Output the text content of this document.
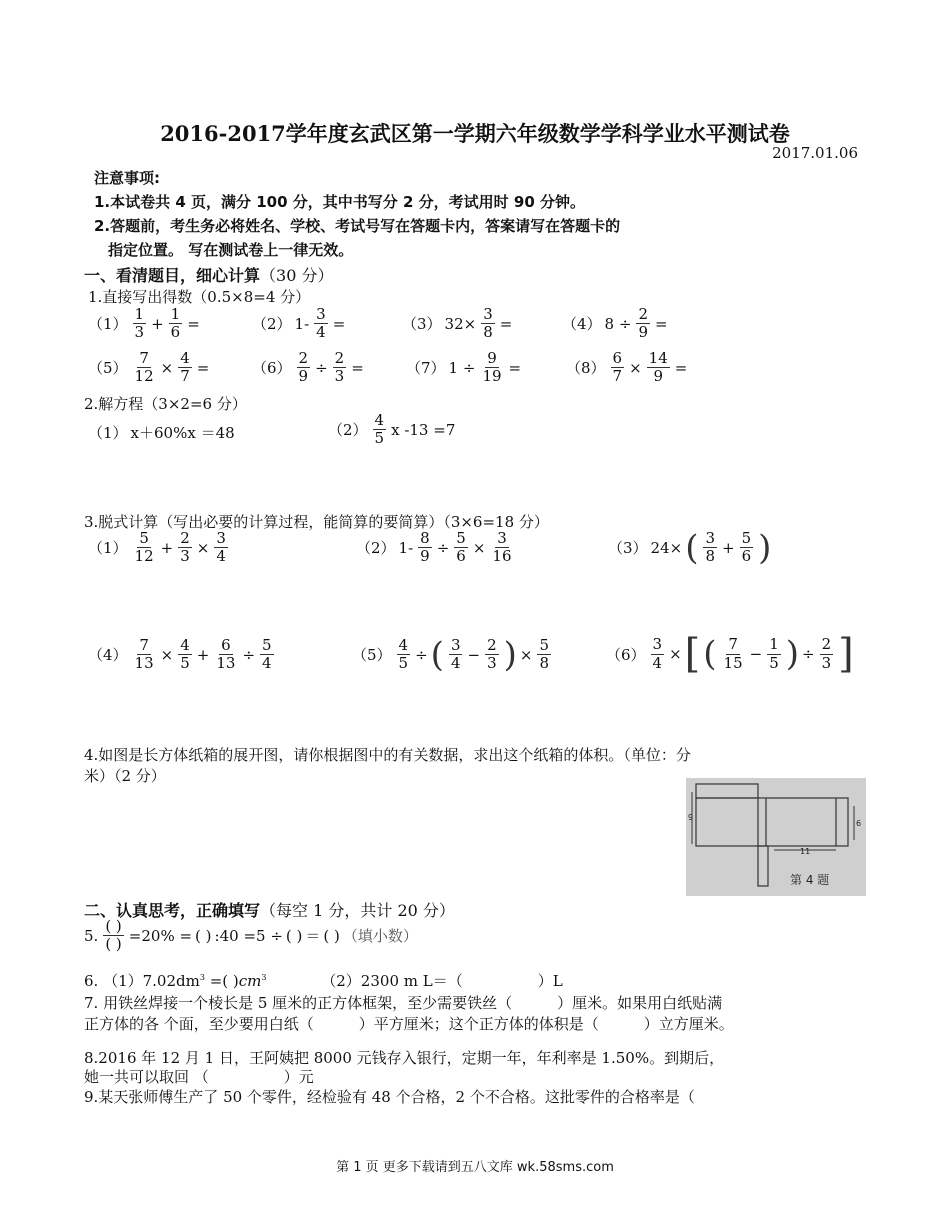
2016-2017学年度玄武区第一学期六年级数学学科学业水平测试卷
2017.01.06
注意事项:
1.本试卷共 4 页，满分 100 分，其中书写分 2 分，考试用时 90 分钟。
2.答题前，考生务必将姓名、学校、考试号写在答题卡内，答案请写在答题卡的
指定位置。 写在测试卷上一律无效。
一、看清题目，细心计算（30 分）
1.直接写出得数（0.5×8=4 分）
$(1) \frac{1}{3} + \frac{1}{6}$ =	（2） $1- \frac{3}{4}$ =	（3） $32\times \frac{3}{8}$ =	（4） $8 \div \frac{2}{9}$ =
$(5) \frac{7}{12} \times \frac{4}{7}$ =	$(6) \frac{2}{9} \div \frac{2}{3}$ =	（7） $1 \div \frac{9}{19}$ =	$(8) \frac{6}{7} \times \frac{14}{9}$ =
2.解方程（3×2=6 分）
（1） x＋60%x ＝48	$(2) \frac{4}{5}$ x -13 =7
3.脱式计算（写出必要的计算过程，能简算的要简算）（3×6=18 分）
$(1) \frac{5}{12} + \frac{2}{3} \times \frac{3}{4}$	（2） $1- \frac{8}{9} \div \frac{5}{6} \times \frac{3}{16}$	（3） 24× ( $\frac{3}{8} + \frac{5}{6}$ )
$(4) \frac{7}{13} \times \frac{4}{5} + \frac{6}{13} \div \frac{5}{4}$	$(5) \frac{4}{5}$ ÷ ( $\frac{3}{4} - \frac{2}{3}$ ) × $\frac{5}{8}$	$(6) \frac{3}{4}$ × [ ( $\frac{7}{15} - \frac{1}{5}$ ) ÷ $\frac{2}{3}$ ]
4.如图是长方体纸箱的展开图，请你根据图中的有关数据，求出这个纸箱的体积。（单位：分
米）（2 分）
9
6
11
第 4 题
二、认真思考，正确填写（每空 1 分，共计 20 分）
5. $\frac{( )}{( )} =20\%$ = ( ) :40 =5 ÷ ( ) ＝ ( ) （填小数）
6. $(1)7.02dm^3$ =( )$cm^3$	（2）2300 m L＝（　　　　　）L
7. 用铁丝焊接一个棱长是 5 厘米的正方体框架，至少需要铁丝（　　　）厘米。如果用白纸贴满
正方体的各 个面，至少要用白纸（　　　）平方厘米；这个正方体的体积是（　　　）立方厘米。
8.2016 年 12 月 1 日，王阿姨把 8000 元钱存入银行，定期一年，年利率是 1.50%。到期后，
她一共可以取回 （　　　　　）元
9.某天张师傅生产了 50 个零件，经检验有 48 个合格，2 个不合格。这批零件的合格率是（
第 1 页 更多下载请到五八文库 wk.58sms.com
